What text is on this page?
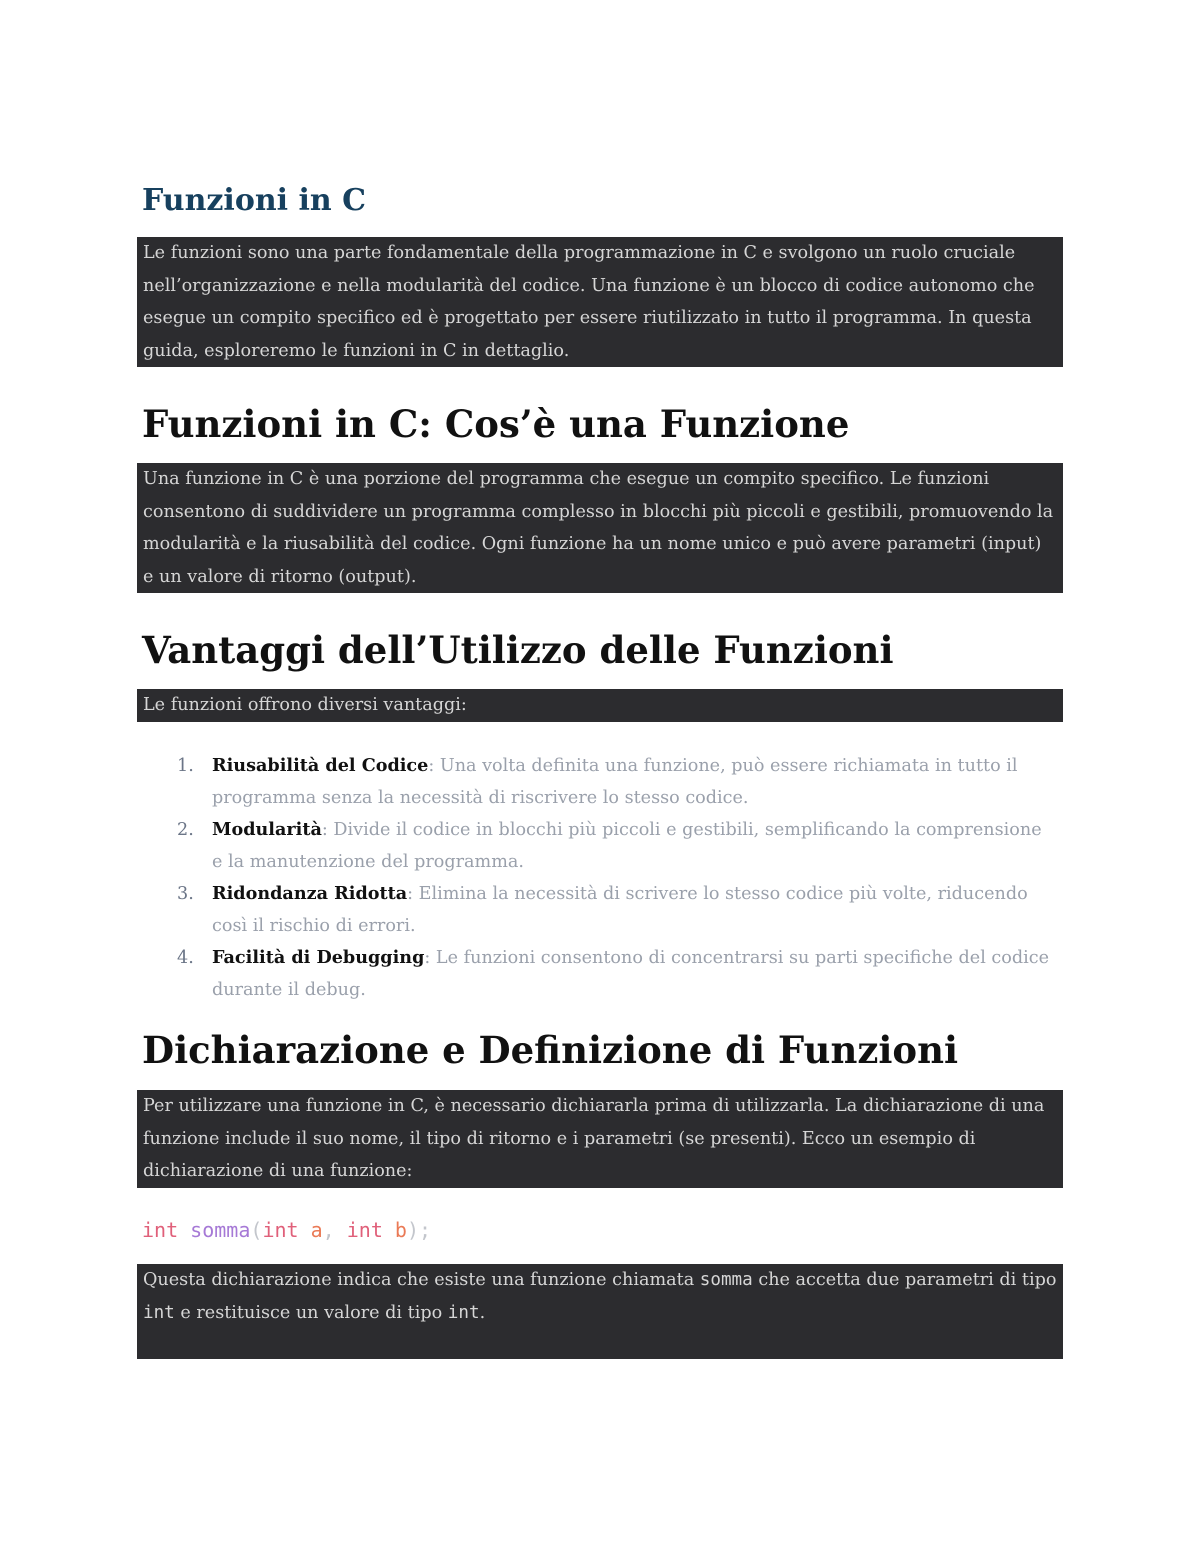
Funzioni in C

Le funzioni sono una parte fondamentale della programmazione in C e svolgono un ruolo cruciale nell’organizzazione e nella modularità del codice. Una funzione è un blocco di codice autonomo che esegue un compito specifico ed è progettato per essere riutilizzato in tutto il programma. In questa guida, esploreremo le funzioni in C in dettaglio.

Funzioni in C: Cos’è una Funzione

Una funzione in C è una porzione del programma che esegue un compito specifico. Le funzioni consentono di suddividere un programma complesso in blocchi più piccoli e gestibili, promuovendo la modularità e la riusabilità del codice. Ogni funzione ha un nome unico e può avere parametri (input) e un valore di ritorno (output).

Vantaggi dell’Utilizzo delle Funzioni

Le funzioni offrono diversi vantaggi:

1. Riusabilità del Codice: Una volta definita una funzione, può essere richiamata in tutto il programma senza la necessità di riscrivere lo stesso codice.
2. Modularità: Divide il codice in blocchi più piccoli e gestibili, semplificando la comprensione e la manutenzione del programma.
3. Ridondanza Ridotta: Elimina la necessità di scrivere lo stesso codice più volte, riducendo così il rischio di errori.
4. Facilità di Debugging: Le funzioni consentono di concentrarsi su parti specifiche del codice durante il debug.
Dichiarazione e Definizione di Funzioni

Per utilizzare una funzione in C, è necessario dichiararla prima di utilizzarla. La dichiarazione di una funzione include il suo nome, il tipo di ritorno e i parametri (se presenti). Ecco un esempio di dichiarazione di una funzione:

int somma(int a, int b);

Questa dichiarazione indica che esiste una funzione chiamata somma che accetta due parametri di tipo int e restituisce un valore di tipo int.
